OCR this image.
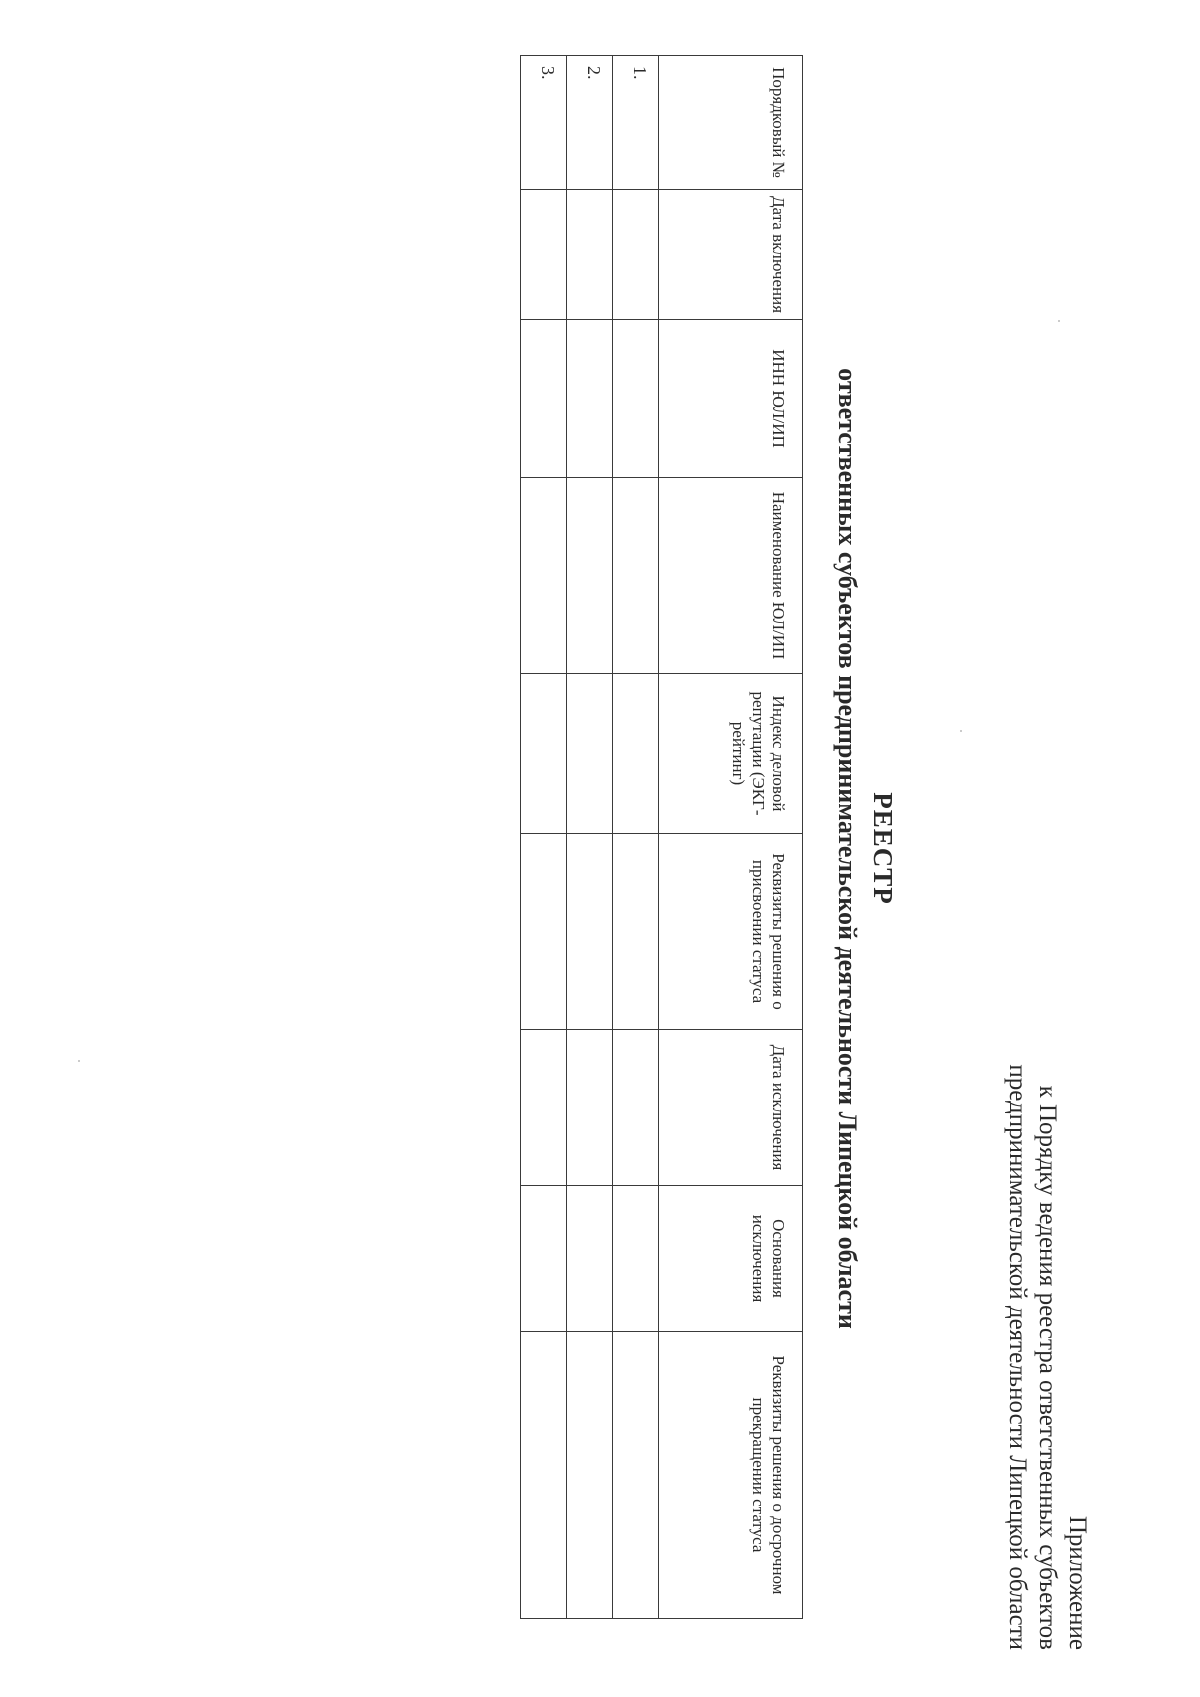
Приложение
к Порядку ведения реестра ответственных субъектов
предпринимательской деятельности Липецкой области
РЕЕСТР
ответственных субъектов предпринимательской деятельности Липецкой области
Порядковый №	Дата включения	ИНН ЮЛ/ИП	Наименование ЮЛ/ИП	Индекс деловой репутации (ЭКГ-рейтинг)	Реквизиты решения о присвоении статуса	Дата исключения	Основания исключения	Реквизиты решения о досрочном прекращении статуса
1.								
2.								
3.								
